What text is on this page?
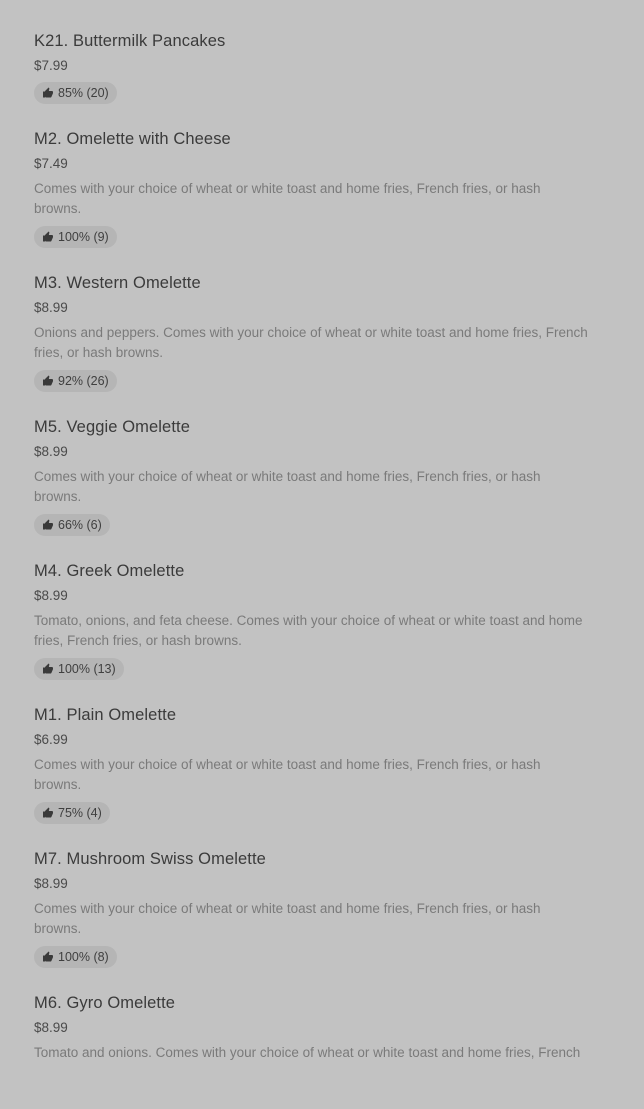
K21. Buttermilk Pancakes
$7.99
85% (20)
M2. Omelette with Cheese
$7.49
Comes with your choice of wheat or white toast and home fries, French fries, or hash browns.
100% (9)
M3. Western Omelette
$8.99
Onions and peppers. Comes with your choice of wheat or white toast and home fries, French fries, or hash browns.
92% (26)
M5. Veggie Omelette
$8.99
Comes with your choice of wheat or white toast and home fries, French fries, or hash browns.
66% (6)
M4. Greek Omelette
$8.99
Tomato, onions, and feta cheese. Comes with your choice of wheat or white toast and home fries, French fries, or hash browns.
100% (13)
M1. Plain Omelette
$6.99
Comes with your choice of wheat or white toast and home fries, French fries, or hash browns.
75% (4)
M7. Mushroom Swiss Omelette
$8.99
Comes with your choice of wheat or white toast and home fries, French fries, or hash browns.
100% (8)
M6. Gyro Omelette
$8.99
Tomato and onions. Comes with your choice of wheat or white toast and home fries, French
